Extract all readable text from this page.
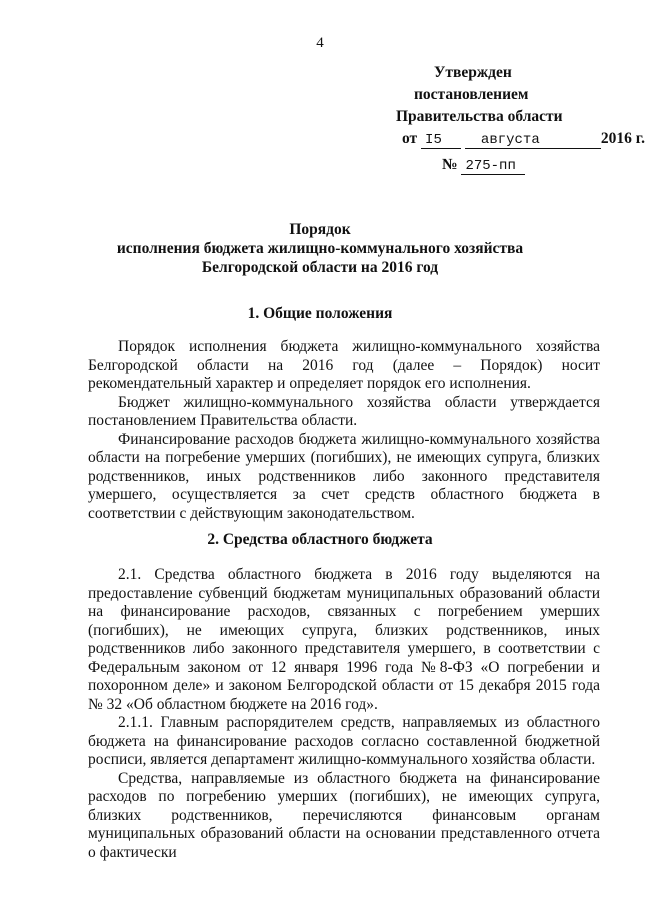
4
Утвержден
постановлением
Правительства области
от I5	августа	2016 г.
№ 275-пп
Порядок
исполнения бюджета жилищно-коммунального хозяйства
Белгородской области на 2016 год
1. Общие положения

Порядок исполнения бюджета жилищно-коммунального хозяйства Белгородской области на 2016 год (далее – Порядок) носит рекомендательный характер и определяет порядок его исполнения.

Бюджет жилищно-коммунального хозяйства области утверждается постановлением Правительства области.

Финансирование расходов бюджета жилищно-коммунального хозяйства области на погребение умерших (погибших), не имеющих супруга, близких родственников, иных родственников либо законного представителя умершего, осуществляется за счет средств областного бюджета в соответствии с действующим законодательством.

2. Средства областного бюджета

2.1. Средства областного бюджета в 2016 году выделяются на предоставление субвенций бюджетам муниципальных образований области на финансирование расходов, связанных с погребением умерших (погибших), не имеющих супруга, близких родственников, иных родственников либо законного представителя умершего, в соответствии с Федеральным законом от 12 января 1996 года №8-ФЗ «О погребении и похоронном деле» и законом Белгородской области от 15 декабря 2015 года № 32 «Об областном бюджете на 2016 год».

2.1.1. Главным распорядителем средств, направляемых из областного бюджета на финансирование расходов согласно составленной бюджетной росписи, является департамент жилищно-коммунального хозяйства области.

Средства, направляемые из областного бюджета на финансирование расходов по погребению умерших (погибших), не имеющих супруга, близких родственников, перечисляются финансовым органам муниципальных образований области на основании представленного отчета о фактически
